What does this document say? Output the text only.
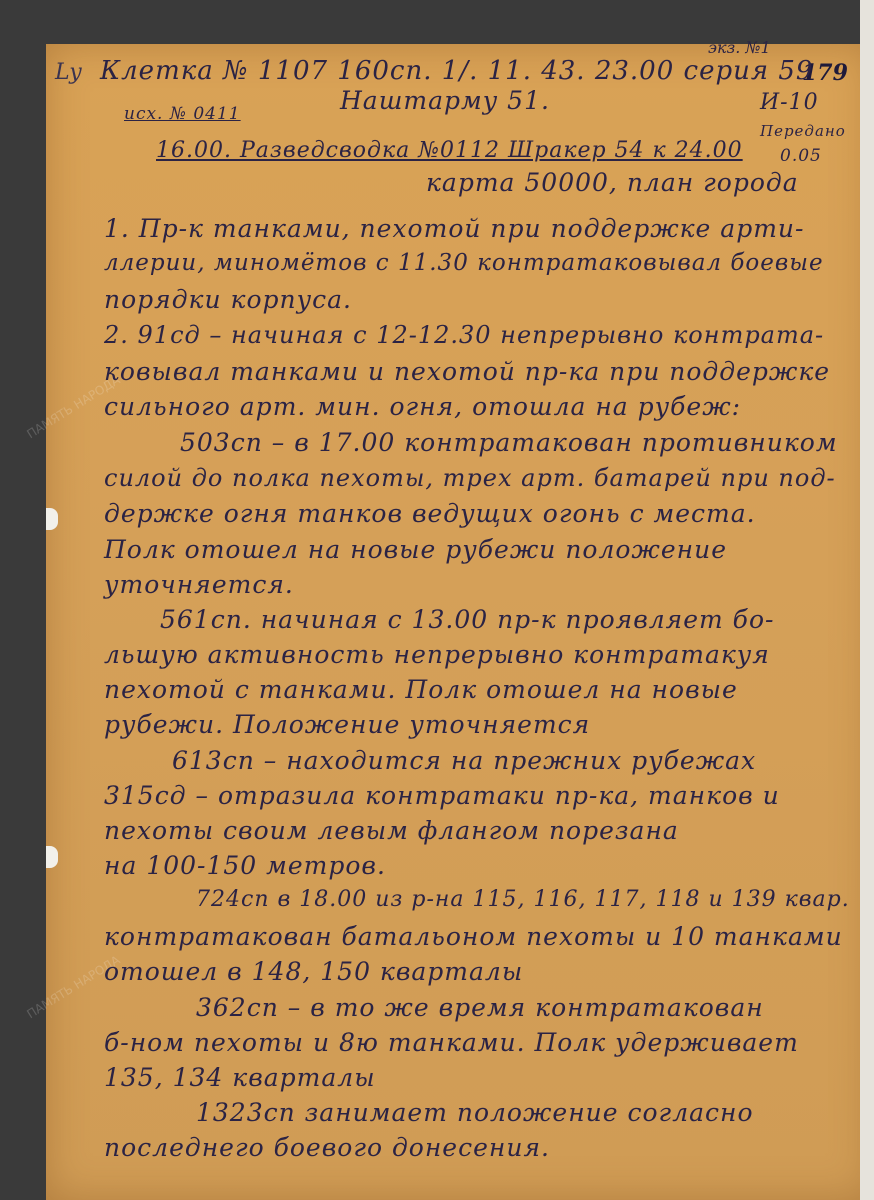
Ly
экз. №1
179
Клетка № 1107 160сп. 1/. 11. 43. 23.00 серия 59
исх. № 0411	Наштарму 51.	И-10
16.00. Разведсводка №0112 Шракер 54 к 24.00
Передано
0.05
карта 50000, план города
1. Пр-к танками, пехотой при поддержке арти-
ллерии, миномётов с 11.30 контратаковывал боевые
порядки корпуса.
2. 91сд – начиная с 12-12.30 непрерывно контрата-
ковывал танками и пехотой пр-ка при поддержке
сильного арт. мин. огня, отошла на рубеж:
503сп – в 17.00 контратакован противником
силой до полка пехоты, трех арт. батарей при под-
держке огня танков ведущих огонь с места.
Полк отошел на новые рубежи положение
уточняется.
561сп. начиная с 13.00 пр-к проявляет бо-
льшую активность непрерывно контратакуя
пехотой с танками. Полк отошел на новые
рубежи. Положение уточняется
613сп – находится на прежних рубежах
315сд – отразила контратаки пр-ка, танков и
пехоты своим левым флангом порезана
на 100-150 метров.
724сп в 18.00 из р-на 115, 116, 117, 118 и 139 квар.
контратакован батальоном пехоты и 10 танками
отошел в 148, 150 кварталы
362сп – в то же время контратакован
б-ном пехоты и 8ю танками. Полк удерживает
135, 134 кварталы
1323сп занимает положение согласно
последнего боевого донесения.
